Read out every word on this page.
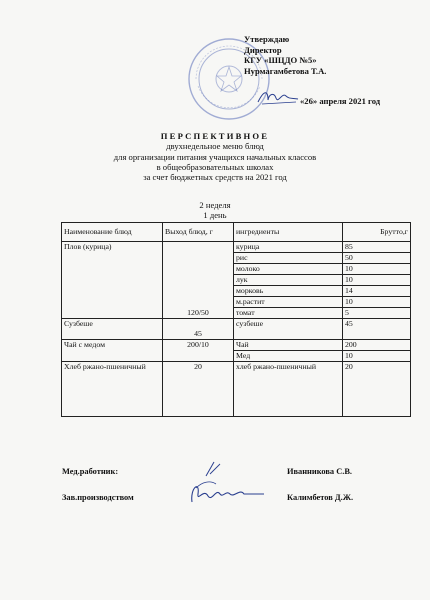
Утверждаю
Директор
КГУ «ШЦДО №5»
Нурмагамбетова Т.А.
«26» апреля 2021 год
ПЕРСПЕКТИВНОЕ
двухнедельное меню блюд
для организации питания учащихся начальных классов
в общеобразовательных школах
за счет бюджетных средств на 2021 год
2 неделя
1 день
Наименование блюд	Выход блюд, г	ингредиенты	Брутто,г
Плов (курица)	120/50	курица	85
		рис	50
		молоко	10
		лук	10
		морковь	14
		м.растит	10
		томат	5
Сузбеше	45	сузбеше	45
Чай с медом	200/10	Чай	200
		Мед	10
Хлеб ржано-пшеничный	20	хлеб ржано-пшеничный	20
Мед.работник:	Иванникова С.В.
Зав.производством	Калимбетов Д.Ж.
